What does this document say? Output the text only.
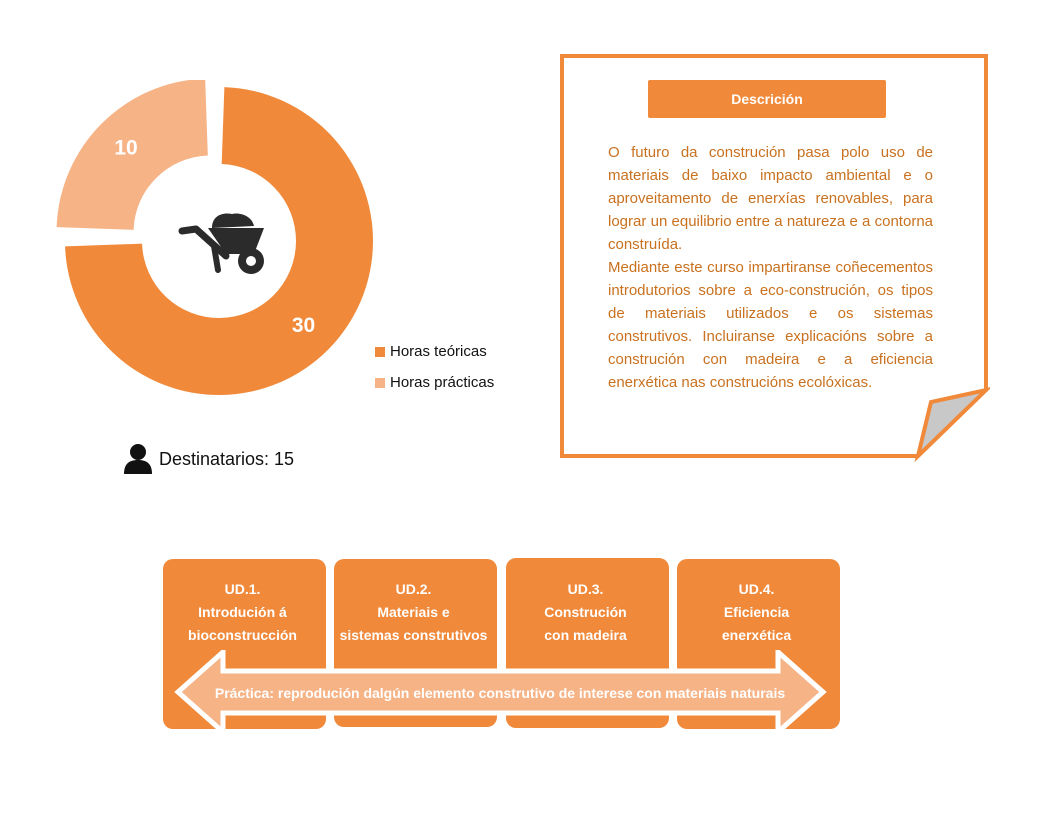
30
10
Horas teóricas
Horas prácticas
Destinatarios: 15
Descrición

O futuro da construción pasa polo uso de materiais de baixo impacto ambiental e o aproveitamento de enerxías renovables, para lograr un equilibrio entre a natureza e a contorna construída.

Mediante este curso impartiranse coñecementos introdutorios sobre a eco-construción, os tipos de materiais utilizados e os sistemas construtivos. Incluiranse explicacións sobre a construción con madeira e a eficiencia enerxética nas construcións ecolóxicas.

UD.1.
Introdución á
bioconstrucción
UD.2.
Materiais e
sistemas construtivos
UD.3.
Construción
con madeira
UD.4.
Eficiencia
enerxética
Práctica: reprodución dalgún elemento construtivo de interese con materiais naturais
